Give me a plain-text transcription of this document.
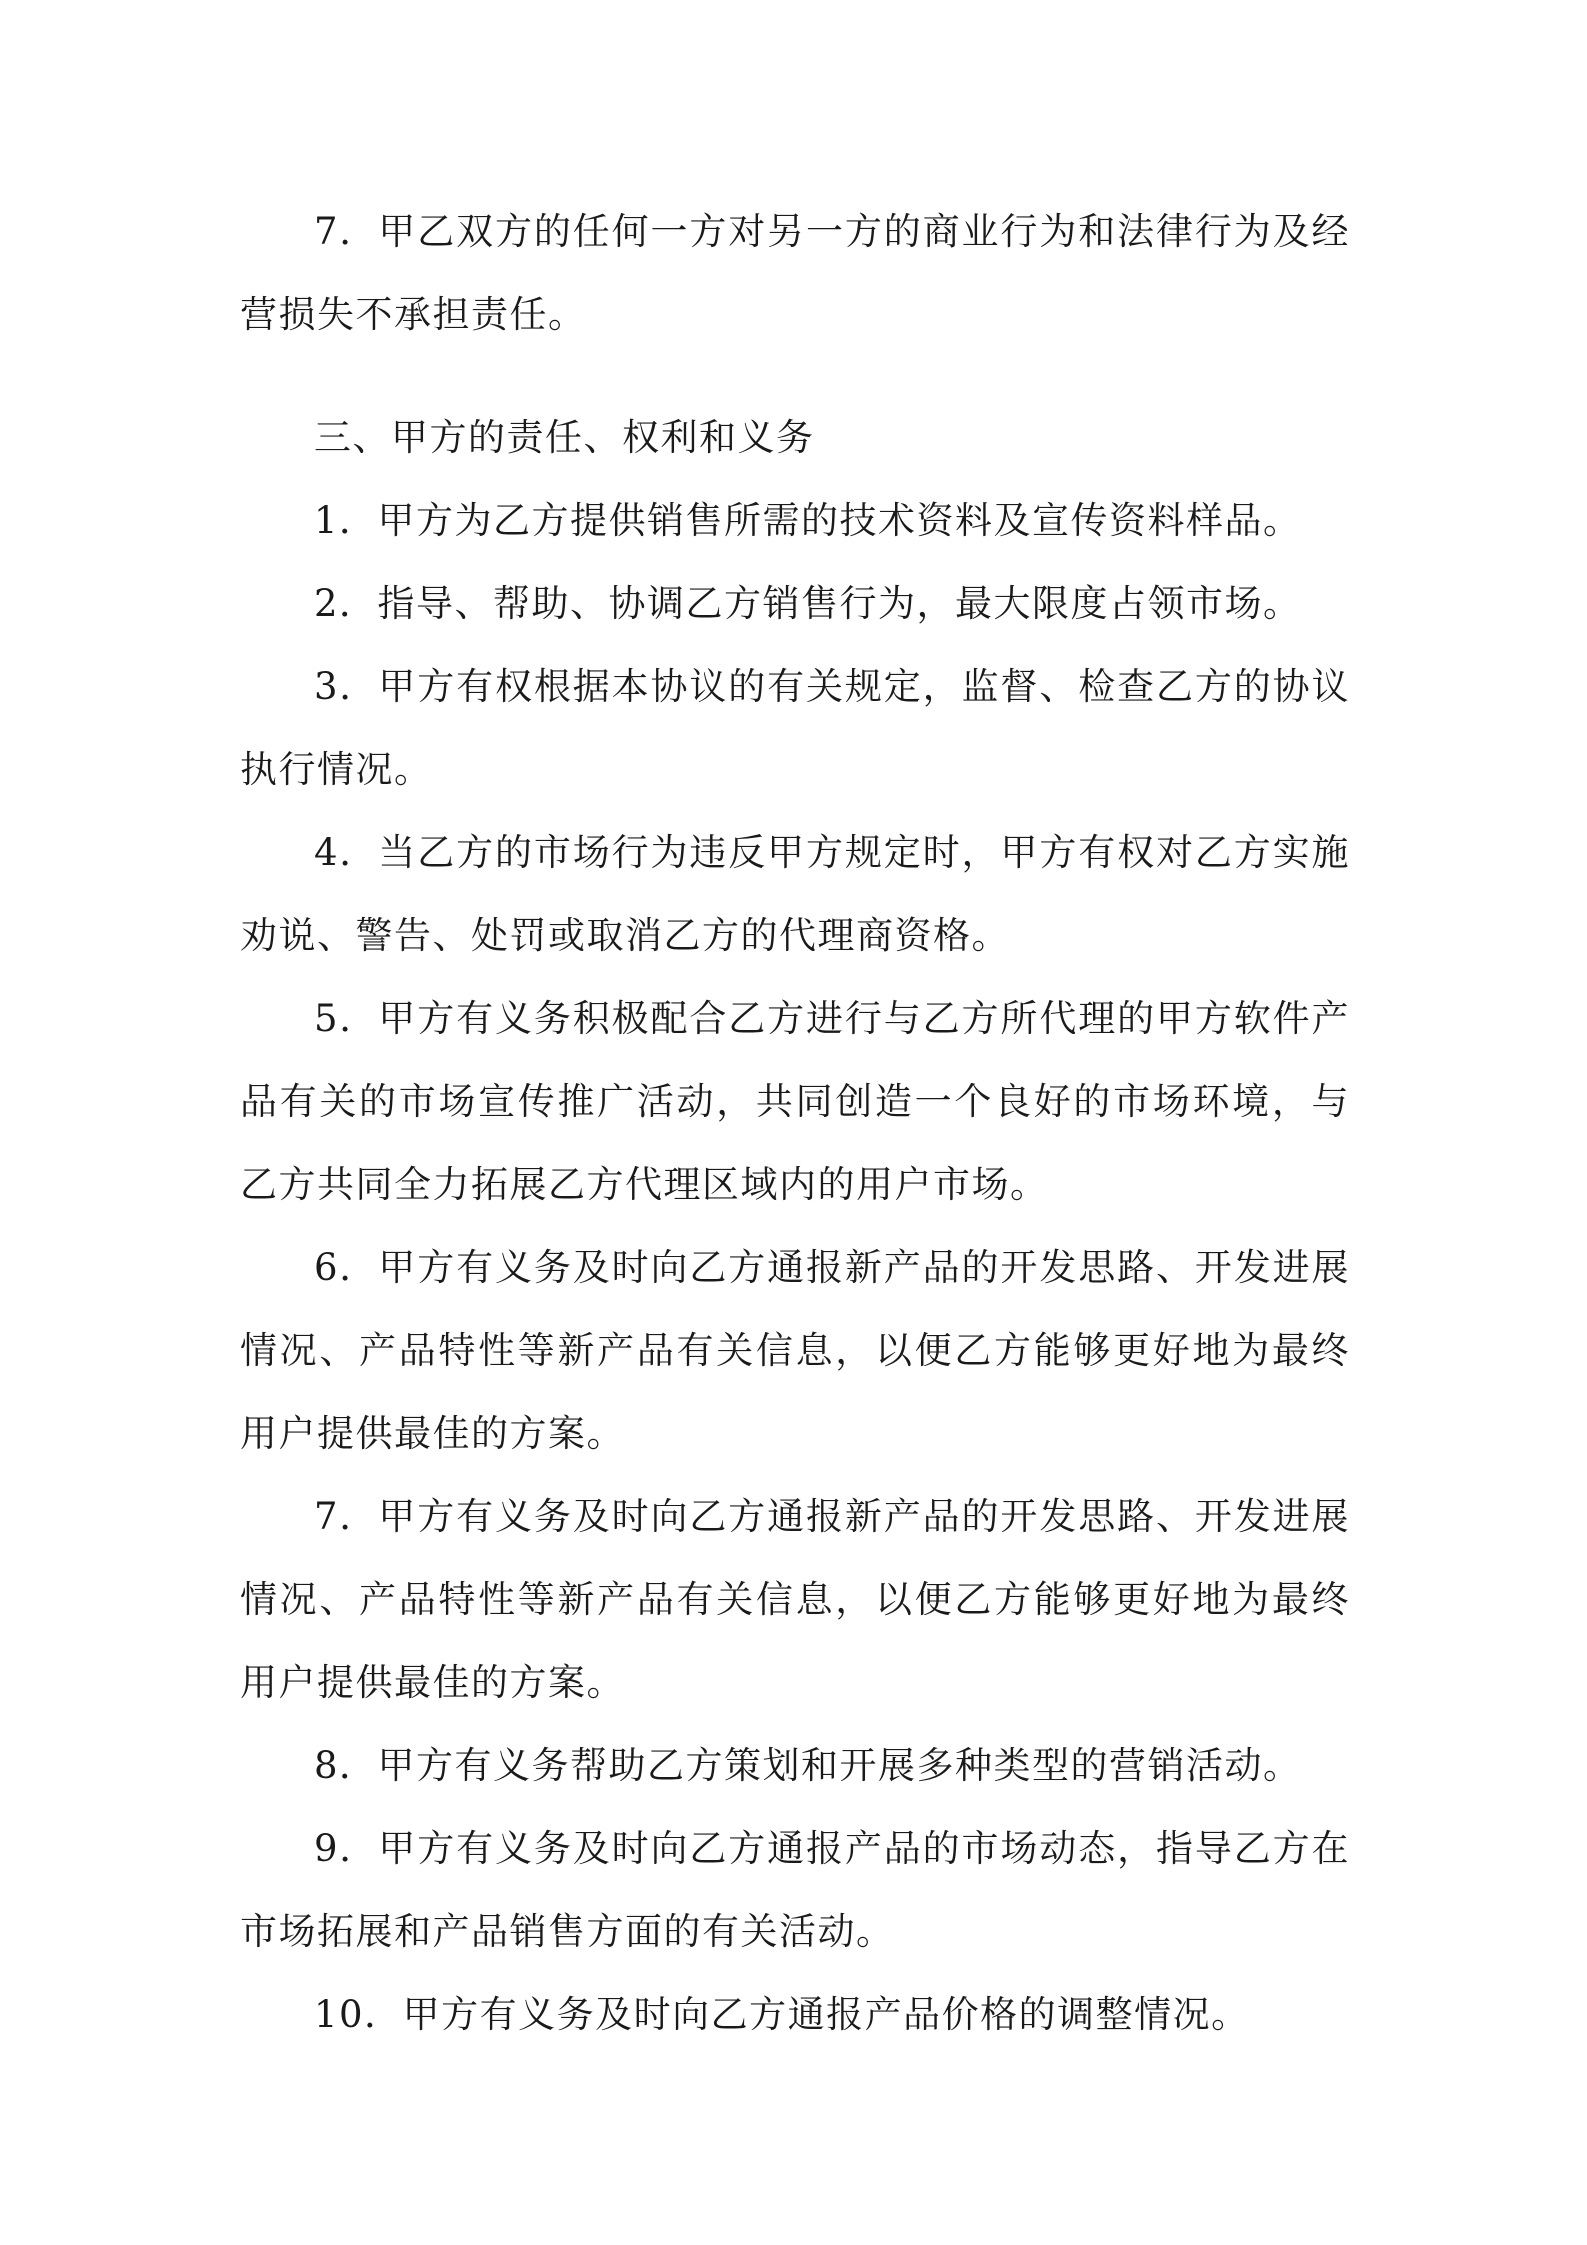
7．甲乙双方的任何一方对另一方的商业行为和法律行为及经营损失不承担责任。

三、甲方的责任、权利和义务

1．甲方为乙方提供销售所需的技术资料及宣传资料样品。

2．指导、帮助、协调乙方销售行为，最大限度占领市场。

3．甲方有权根据本协议的有关规定，监督、检查乙方的协议执行情况。

4．当乙方的市场行为违反甲方规定时，甲方有权对乙方实施劝说、警告、处罚或取消乙方的代理商资格。

5．甲方有义务积极配合乙方进行与乙方所代理的甲方软件产品有关的市场宣传推广活动，共同创造一个良好的市场环境，与乙方共同全力拓展乙方代理区域内的用户市场。

6．甲方有义务及时向乙方通报新产品的开发思路、开发进展情况、产品特性等新产品有关信息，以便乙方能够更好地为最终用户提供最佳的方案。

7．甲方有义务及时向乙方通报新产品的开发思路、开发进展情况、产品特性等新产品有关信息，以便乙方能够更好地为最终用户提供最佳的方案。

8．甲方有义务帮助乙方策划和开展多种类型的营销活动。

9．甲方有义务及时向乙方通报产品的市场动态，指导乙方在市场拓展和产品销售方面的有关活动。

10．甲方有义务及时向乙方通报产品价格的调整情况。
